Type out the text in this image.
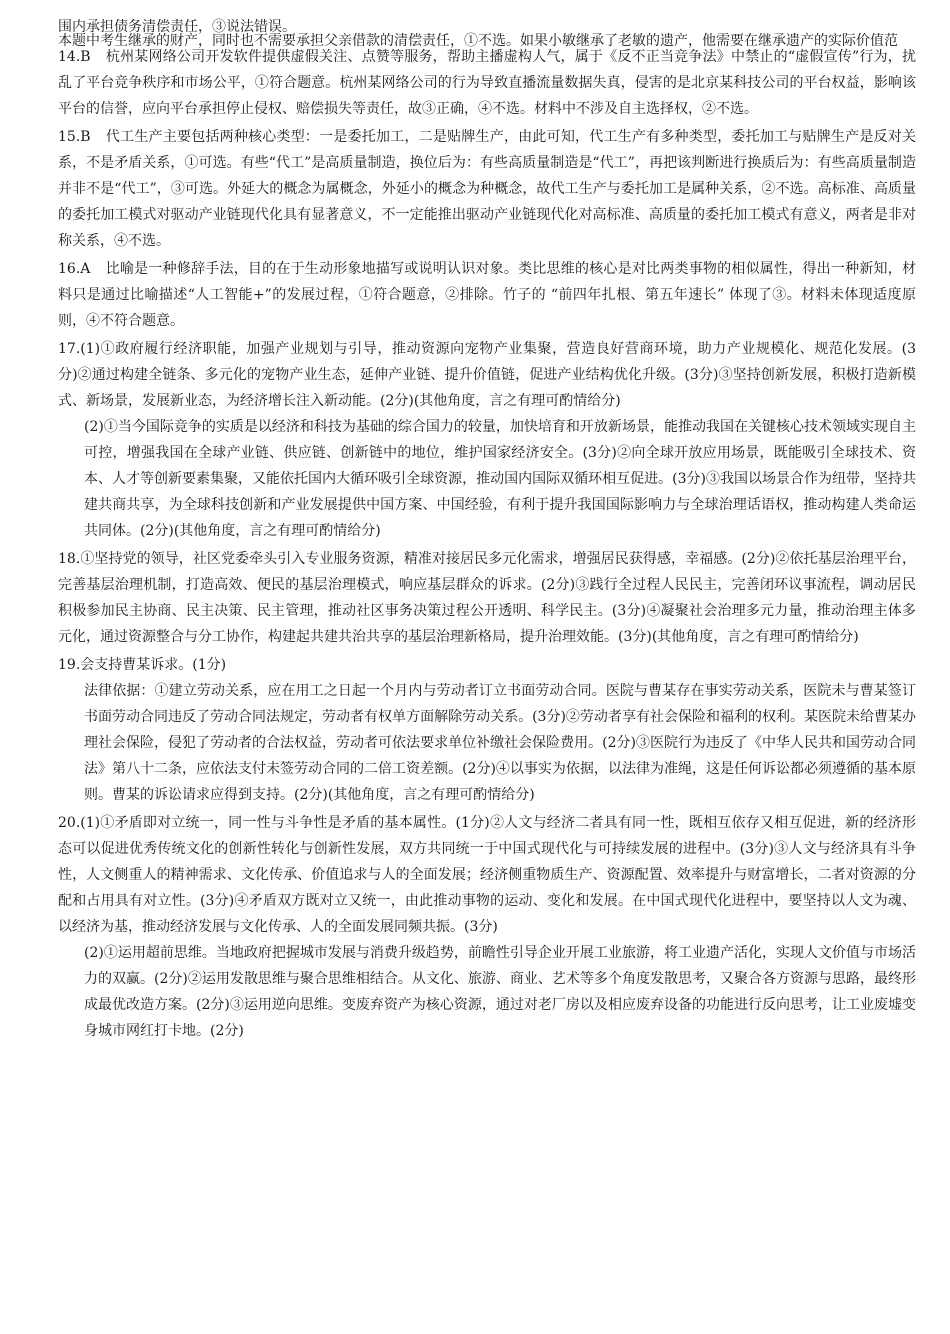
本题中考生继承的财产，同时也不需要承担父亲借款的清偿责任，①不选。如果小敏继承了老敏的遗产，他需要在继承遗产的实际价值范

围内承担债务清偿责任，③说法错误。

14.B 杭州某网络公司开发软件提供虚假关注、点赞等服务，帮助主播虚构人气，属于《反不正当竞争法》中禁止的“虚假宣传”行为，扰乱了平台竞争秩序和市场公平，①符合题意。杭州某网络公司的行为导致直播流量数据失真，侵害的是北京某科技公司的平台权益，影响该平台的信誉，应向平台承担停止侵权、赔偿损失等责任，故③正确，④不选。材料中不涉及自主选择权，②不选。

15.B 代工生产主要包括两种核心类型：一是委托加工，二是贴牌生产，由此可知，代工生产有多种类型，委托加工与贴牌生产是反对关系，不是矛盾关系，①可选。有些“代工”是高质量制造，换位后为：有些高质量制造是“代工”，再把该判断进行换质后为：有些高质量制造并非不是“代工”，③可选。外延大的概念为属概念，外延小的概念为种概念，故代工生产与委托加工是属种关系，②不选。高标准、高质量的委托加工模式对驱动产业链现代化具有显著意义，不一定能推出驱动产业链现代化对高标准、高质量的委托加工模式有意义，两者是非对称关系，④不选。

16.A 比喻是一种修辞手法，目的在于生动形象地描写或说明认识对象。类比思维的核心是对比两类事物的相似属性，得出一种新知，材料只是通过比喻描述“人工智能+”的发展过程，①符合题意，②排除。竹子的 “前四年扎根、第五年速长” 体现了③。材料未体现适度原则，④不符合题意。

17.(1)①政府履行经济职能，加强产业规划与引导，推动资源向宠物产业集聚，营造良好营商环境，助力产业规模化、规范化发展。(3分)②通过构建全链条、多元化的宠物产业生态，延伸产业链、提升价值链，促进产业结构优化升级。(3分)③坚持创新发展，积极打造新模式、新场景，发展新业态，为经济增长注入新动能。(2分)(其他角度，言之有理可酌情给分)

(2)①当今国际竞争的实质是以经济和科技为基础的综合国力的较量，加快培育和开放新场景，能推动我国在关键核心技术领域实现自主可控，增强我国在全球产业链、供应链、创新链中的地位，维护国家经济安全。(3分)②向全球开放应用场景，既能吸引全球技术、资本、人才等创新要素集聚，又能依托国内大循环吸引全球资源，推动国内国际双循环相互促进。(3分)③我国以场景合作为纽带，坚持共建共商共享，为全球科技创新和产业发展提供中国方案、中国经验，有利于提升我国国际影响力与全球治理话语权，推动构建人类命运共同体。(2分)(其他角度，言之有理可酌情给分)

18.①坚持党的领导，社区党委牵头引入专业服务资源，精准对接居民多元化需求，增强居民获得感，幸福感。(2分)②依托基层治理平台，完善基层治理机制，打造高效、便民的基层治理模式，响应基层群众的诉求。(2分)③践行全过程人民民主，完善闭环议事流程，调动居民积极参加民主协商、民主决策、民主管理，推动社区事务决策过程公开透明、科学民主。(3分)④凝聚社会治理多元力量，推动治理主体多元化，通过资源整合与分工协作，构建起共建共治共享的基层治理新格局，提升治理效能。(3分)(其他角度，言之有理可酌情给分)

19.会支持曹某诉求。(1分)

法律依据：①建立劳动关系，应在用工之日起一个月内与劳动者订立书面劳动合同。医院与曹某存在事实劳动关系，医院未与曹某签订书面劳动合同违反了劳动合同法规定，劳动者有权单方面解除劳动关系。(3分)②劳动者享有社会保险和福利的权利。某医院未给曹某办理社会保险，侵犯了劳动者的合法权益，劳动者可依法要求单位补缴社会保险费用。(2分)③医院行为违反了《中华人民共和国劳动合同法》第八十二条，应依法支付未签劳动合同的二倍工资差额。(2分)④以事实为依据，以法律为准绳，这是任何诉讼都必须遵循的基本原则。曹某的诉讼请求应得到支持。(2分)(其他角度，言之有理可酌情给分)

20.(1)①矛盾即对立统一，同一性与斗争性是矛盾的基本属性。(1分)②人文与经济二者具有同一性，既相互依存又相互促进，新的经济形态可以促进优秀传统文化的创新性转化与创新性发展，双方共同统一于中国式现代化与可持续发展的进程中。(3分)③人文与经济具有斗争性，人文侧重人的精神需求、文化传承、价值追求与人的全面发展；经济侧重物质生产、资源配置、效率提升与财富增长，二者对资源的分配和占用具有对立性。(3分)④矛盾双方既对立又统一，由此推动事物的运动、变化和发展。在中国式现代化进程中，要坚持以人文为魂、以经济为基，推动经济发展与文化传承、人的全面发展同频共振。(3分)

(2)①运用超前思维。当地政府把握城市发展与消费升级趋势，前瞻性引导企业开展工业旅游，将工业遗产活化，实现人文价值与市场活力的双赢。(2分)②运用发散思维与聚合思维相结合。从文化、旅游、商业、艺术等多个角度发散思考，又聚合各方资源与思路，最终形成最优改造方案。(2分)③运用逆向思维。变废弃资产为核心资源，通过对老厂房以及相应废弃设备的功能进行反向思考，让工业废墟变身城市网红打卡地。(2分)
